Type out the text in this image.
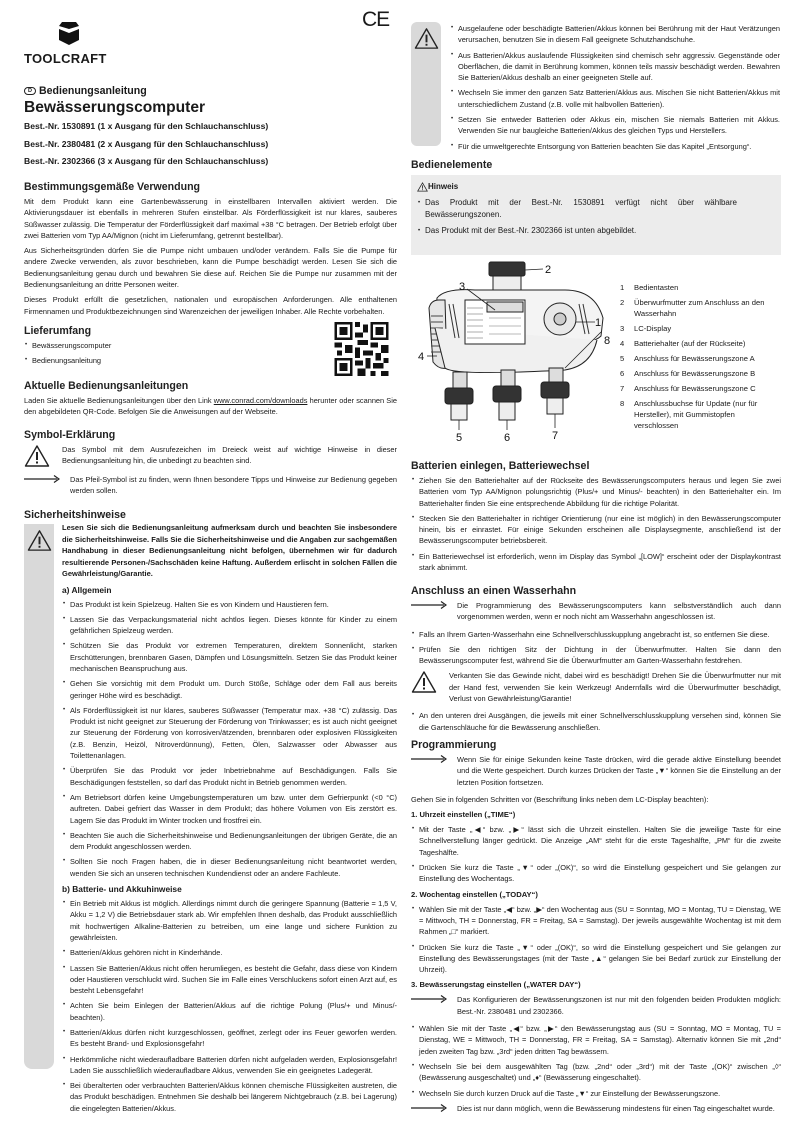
TOOLCRAFT
CE
D Bedienungsanleitung
Bewässerungscomputer
Best.-Nr. 1530891 (1 x Ausgang für den Schlauchanschluss)
Best.-Nr. 2380481 (2 x Ausgang für den Schlauchanschluss)
Best.-Nr. 2302366 (3 x Ausgang für den Schlauchanschluss)
Bestimmungsgemäße Verwendung

Mit dem Produkt kann eine Gartenbewässerung in einstellbaren Intervallen aktiviert werden. Die Aktivierungsdauer ist ebenfalls in mehreren Stufen einstellbar. Als Förderflüssigkeit ist nur klares, sauberes Süßwasser zulässig. Die Temperatur der Förderflüssigkeit darf maximal +38 °C betragen. Der Betrieb erfolgt über zwei Batterien vom Typ AA/Mignon (nicht im Lieferumfang, getrennt bestellbar).

Aus Sicherheitsgründen dürfen Sie die Pumpe nicht umbauen und/oder verändern. Falls Sie die Pumpe für andere Zwecke verwenden, als zuvor beschrieben, kann die Pumpe beschädigt werden. Lesen Sie sich die Bedienungsanleitung genau durch und bewahren Sie diese auf. Reichen Sie die Pumpe nur zusammen mit der Bedienungsanleitung an dritte Personen weiter.

Dieses Produkt erfüllt die gesetzlichen, nationalen und europäischen Anforderungen. Alle enthaltenen Firmennamen und Produktbezeichnungen sind Warenzeichen der jeweiligen Inhaber. Alle Rechte vorbehalten.

Lieferumfang
• Bewässerungscomputer
• Bedienungsanleitung
Aktuelle Bedienungsanleitungen

Laden Sie aktuelle Bedienungsanleitungen über den Link www.conrad.com/downloads herunter oder scannen Sie den abgebildeten QR-Code. Befolgen Sie die Anweisungen auf der Webseite.

Symbol-Erklärung
Das Symbol mit dem Ausrufezeichen im Dreieck weist auf wichtige Hinweise in dieser Bedienungsanleitung hin, die unbedingt zu beachten sind.
Das Pfeil-Symbol ist zu finden, wenn Ihnen besondere Tipps und Hinweise zur Bedienung gegeben werden sollen.
Sicherheitshinweise

Lesen Sie sich die Bedienungsanleitung aufmerksam durch und beachten Sie insbesondere die Sicherheitshinweise. Falls Sie die Sicherheitshinweise und die Angaben zur sachgemäßen Handhabung in dieser Bedienungsanleitung nicht befolgen, übernehmen wir für dadurch resultierende Personen-/Sachschäden keine Haftung. Außerdem erlischt in solchen Fällen die Gewährleistung/Garantie.

a) Allgemein
• Das Produkt ist kein Spielzeug. Halten Sie es von Kindern und Haustieren fern.
• Lassen Sie das Verpackungsmaterial nicht achtlos liegen. Dieses könnte für Kinder zu einem gefährlichen Spielzeug werden.
• Schützen Sie das Produkt vor extremen Temperaturen, direktem Sonnenlicht, starken Erschütterungen, brennbaren Gasen, Dämpfen und Lösungsmitteln. Setzen Sie das Produkt keiner mechanischen Beanspruchung aus.
• Gehen Sie vorsichtig mit dem Produkt um. Durch Stöße, Schläge oder dem Fall aus bereits geringer Höhe wird es beschädigt.
• Als Förderflüssigkeit ist nur klares, sauberes Süßwasser (Temperatur max. +38 °C) zulässig. Das Produkt ist nicht geeignet zur Steuerung der Förderung von Trinkwasser; es ist auch nicht geeignet zur Steuerung der Förderung von korrosiven/ätzenden, brennbaren oder explosiven Flüssigkeiten (z.B. Benzin, Heizöl, Nitroverdünnung), Fetten, Ölen, Salzwasser oder Abwasser aus Toilettenanlagen.
• Überprüfen Sie das Produkt vor jeder Inbetriebnahme auf Beschädigungen. Falls Sie Beschädigungen feststellen, so darf das Produkt nicht in Betrieb genommen werden.
• Am Betriebsort dürfen keine Umgebungstemperaturen um bzw. unter dem Gefrierpunkt (<0 °C) auftreten. Dabei gefriert das Wasser in dem Produkt; das höhere Volumen von Eis zerstört es. Lagern Sie das Produkt im Winter trocken und frostfrei ein.
• Beachten Sie auch die Sicherheitshinweise und Bedienungsanleitungen der übrigen Geräte, die an dem Produkt angeschlossen werden.
• Sollten Sie noch Fragen haben, die in dieser Bedienungsanleitung nicht beantwortet werden, wenden Sie sich an unseren technischen Kundendienst oder an andere Fachleute.
b) Batterie- und Akkuhinweise
• Ein Betrieb mit Akkus ist möglich. Allerdings nimmt durch die geringere Spannung (Batterie = 1,5 V, Akku = 1,2 V) die Betriebsdauer stark ab. Wir empfehlen Ihnen deshalb, das Produkt ausschließlich mit hochwertigen Alkaline-Batterien zu betreiben, um eine lange und sichere Funktion zu gewährleisten.
• Batterien/Akkus gehören nicht in Kinderhände.
• Lassen Sie Batterien/Akkus nicht offen herumliegen, es besteht die Gefahr, dass diese von Kindern oder Haustieren verschluckt wird. Suchen Sie im Falle eines Verschluckens sofort einen Arzt auf, es besteht Lebensgefahr!
• Achten Sie beim Einlegen der Batterien/Akkus auf die richtige Polung (Plus/+ und Minus/- beachten).
• Batterien/Akkus dürfen nicht kurzgeschlossen, geöffnet, zerlegt oder ins Feuer geworfen werden. Es besteht Brand- und Explosionsgefahr!
• Herkömmliche nicht wiederaufladbare Batterien dürfen nicht aufgeladen werden, Explosionsgefahr! Laden Sie ausschließlich wiederaufladbare Akkus, verwenden Sie ein geeignetes Ladegerät.
• Bei überalterten oder verbrauchten Batterien/Akkus können chemische Flüssigkeiten austreten, die das Produkt beschädigen. Entnehmen Sie deshalb bei längerem Nichtgebrauch (z.B. bei Lagerung) die eingelegten Batterien/Akkus.
• Ausgelaufene oder beschädigte Batterien/Akkus können bei Berührung mit der Haut Verätzungen verursachen, benutzen Sie in diesem Fall geeignete Schutzhandschuhe.
• Aus Batterien/Akkus auslaufende Flüssigkeiten sind chemisch sehr aggressiv. Gegenstände oder Oberflächen, die damit in Berührung kommen, können teils massiv beschädigt werden. Bewahren Sie Batterien/Akkus deshalb an einer geeigneten Stelle auf.
• Wechseln Sie immer den ganzen Satz Batterien/Akkus aus. Mischen Sie nicht Batterien/Akkus mit unterschiedlichem Zustand (z.B. volle mit halbvollen Batterien).
• Setzen Sie entweder Batterien oder Akkus ein, mischen Sie niemals Batterien mit Akkus. Verwenden Sie nur baugleiche Batterien/Akkus des gleichen Typs und Herstellers.
• Für die umweltgerechte Entsorgung von Batterien beachten Sie das Kapitel „Entsorgung“.
Bedienelemente
Hinweis
• Das Produkt mit der Best.-Nr. 1530891 verfügt nicht über wählbare Bewässerungszonen.
• Das Produkt mit der Best.-Nr. 2302366 ist unten abgebildet.
1
2
3
4
5	6	7
8
1	Bedientasten
2	Überwurfmutter zum Anschluss an den Wasserhahn
3	LC-Display
4	Batteriehalter (auf der Rückseite)
5	Anschluss für Bewässerungszone A
6	Anschluss für Bewässerungszone B
7	Anschluss für Bewässerungszone C
8	Anschlussbuchse für Update (nur für Hersteller), mit Gummistopfen verschlossen
Batterien einlegen, Batteriewechsel
• Ziehen Sie den Batteriehalter auf der Rückseite des Bewässerungscomputers heraus und legen Sie zwei Batterien vom Typ AA/Mignon polungsrichtig (Plus/+ und Minus/- beachten) in den Batteriehalter ein. Im Batteriehalter finden Sie eine entsprechende Abbildung für die richtige Polarität.
• Stecken Sie den Batteriehalter in richtiger Orientierung (nur eine ist möglich) in den Bewässerungscomputer hinein, bis er einrastet. Für einige Sekunden erscheinen alle Displaysegmente, anschließend ist der Bewässerungscomputer betriebsbereit.
• Ein Batteriewechsel ist erforderlich, wenn im Display das Symbol „[LOW]“ erscheint oder der Displaykontrast stark abnimmt.
Anschluss an einen Wasserhahn
Die Programmierung des Bewässerungscomputers kann selbstverständlich auch dann vorgenommen werden, wenn er noch nicht am Wasserhahn angeschlossen ist.
• Falls an Ihrem Garten-Wasserhahn eine Schnellverschlusskupplung angebracht ist, so entfernen Sie diese.
• Prüfen Sie den richtigen Sitz der Dichtung in der Überwurfmutter. Halten Sie dann den Bewässerungscomputer fest, während Sie die Überwurfmutter am Garten-Wasserhahn festdrehen.
Verkanten Sie das Gewinde nicht, dabei wird es beschädigt! Drehen Sie die Überwurfmutter nur mit der Hand fest, verwenden Sie kein Werkzeug! Andernfalls wird die Überwurfmutter beschädigt, Verlust von Gewährleistung/Garantie!
• An den unteren drei Ausgängen, die jeweils mit einer Schnellverschlusskupplung versehen sind, können Sie die Gartenschläuche für die Bewässerung anschließen.
Programmierung
Wenn Sie für einige Sekunden keine Taste drücken, wird die gerade aktive Einstellung beendet und die Werte gespeichert. Durch kurzes Drücken der Taste „▼“ können Sie die Einstellung an der letzten Position fortsetzen.

Gehen Sie in folgenden Schritten vor (Beschriftung links neben dem LC-Display beachten):

1. Uhrzeit einstellen („TIME“)
• Mit der Taste „◀“ bzw. „▶“ lässt sich die Uhrzeit einstellen. Halten Sie die jeweilige Taste für eine Schnellverstellung länger gedrückt. Die Anzeige „AM“ steht für die erste Tageshälfte, „PM“ für die zweite Tageshälfte.
• Drücken Sie kurz die Taste „▼“ oder „(OK)“, so wird die Einstellung gespeichert und Sie gelangen zur Einstellung des Wochentags.
2. Wochentag einstellen („TODAY“)
• Wählen Sie mit der Taste „◀“ bzw. „▶“ den Wochentag aus (SU = Sonntag, MO = Montag, TU = Dienstag, WE = Mittwoch, TH = Donnerstag, FR = Freitag, SA = Samstag). Der jeweils ausgewählte Wochentag ist mit dem Rahmen „□“ markiert.
• Drücken Sie kurz die Taste „▼“ oder „(OK)“, so wird die Einstellung gespeichert und Sie gelangen zur Einstellung des Bewässerungstages (mit der Taste „▲“ gelangen Sie bei Bedarf zurück zur Einstellung der Uhrzeit).
3. Bewässerungstag einstellen („WATER DAY“)
Das Konfigurieren der Bewässerungszonen ist nur mit den folgenden beiden Produkten möglich: Best.-Nr. 2380481 und 2302366.
• Wählen Sie mit der Taste „◀“ bzw. „▶“ den Bewässerungstag aus (SU = Sonntag, MO = Montag, TU = Dienstag, WE = Mittwoch, TH = Donnerstag, FR = Freitag, SA = Samstag). Alternativ können Sie mit „2nd“ jeden zweiten Tag bzw. „3rd“ jeden dritten Tag bewässern.
• Wechseln Sie bei dem ausgewählten Tag (bzw. „2nd“ oder „3rd“) mit der Taste „(OK)“ zwischen „◊“ (Bewässerung ausgeschaltet) und „♦“ (Bewässerung eingeschaltet).
• Wechseln Sie durch kurzen Druck auf die Taste „▼“ zur Einstellung der Bewässerungszone.
Dies ist nur dann möglich, wenn die Bewässerung mindestens für einen Tag eingeschaltet wurde.
